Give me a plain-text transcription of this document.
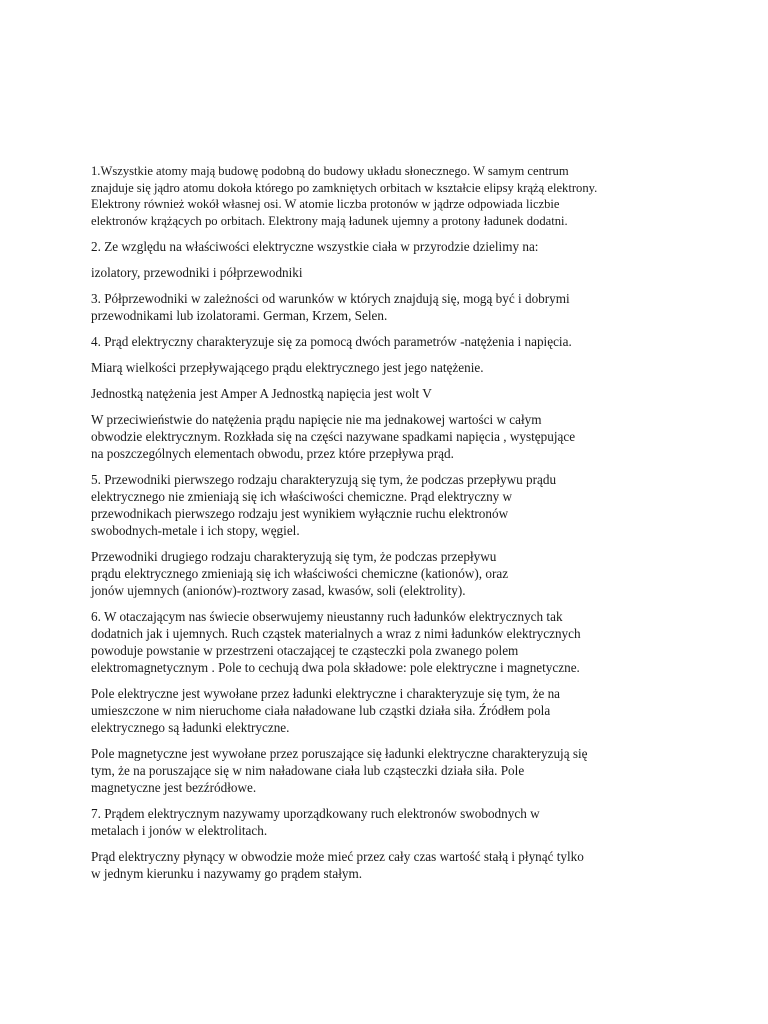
1.Wszystkie atomy mają budowę podobną do budowy układu słonecznego. W samym centrum
znajduje się jądro atomu dokoła którego po zamkniętych orbitach w kształcie elipsy krążą elektrony.
Elektrony również wokół własnej osi. W atomie liczba protonów w jądrze odpowiada liczbie
elektronów krążących po orbitach. Elektrony mają ładunek ujemny a protony ładunek dodatni.

2. Ze względu na właściwości elektryczne wszystkie ciała w przyrodzie dzielimy na:

izolatory, przewodniki i półprzewodniki

3. Półprzewodniki w zależności od warunków w których znajdują się, mogą być i dobrymi
przewodnikami lub izolatorami. German, Krzem, Selen.

4. Prąd elektryczny charakteryzuje się za pomocą dwóch parametrów -natężenia i napięcia.

Miarą wielkości przepływającego prądu elektrycznego jest jego natężenie.

Jednostką natężenia jest Amper A Jednostką napięcia jest wolt V

W przeciwieństwie do natężenia prądu napięcie nie ma jednakowej wartości w całym
obwodzie elektrycznym. Rozkłada się na części nazywane spadkami napięcia , występujące
na poszczególnych elementach obwodu, przez które przepływa prąd.

5. Przewodniki pierwszego rodzaju charakteryzują się tym, że podczas przepływu prądu
elektrycznego nie zmieniają się ich właściwości chemiczne. Prąd elektryczny w
przewodnikach pierwszego rodzaju jest wynikiem wyłącznie ruchu elektronów
swobodnych-metale i ich stopy, węgiel.

Przewodniki drugiego rodzaju charakteryzują się tym, że podczas przepływu
prądu elektrycznego zmieniają się ich właściwości chemiczne (kationów), oraz
jonów ujemnych (anionów)-roztwory zasad, kwasów, soli (elektrolity).

6. W otaczającym nas świecie obserwujemy nieustanny ruch ładunków elektrycznych tak
dodatnich jak i ujemnych. Ruch cząstek materialnych a wraz z nimi ładunków elektrycznych
powoduje powstanie w przestrzeni otaczającej te cząsteczki pola zwanego polem
elektromagnetycznym . Pole to cechują dwa pola składowe: pole elektryczne i magnetyczne.

Pole elektryczne jest wywołane przez ładunki elektryczne i charakteryzuje się tym, że na
umieszczone w nim nieruchome ciała naładowane lub cząstki działa siła. Źródłem pola
elektrycznego są ładunki elektryczne.

Pole magnetyczne jest wywołane przez poruszające się ładunki elektryczne charakteryzują się
tym, że na poruszające się w nim naładowane ciała lub cząsteczki działa siła. Pole
magnetyczne jest bezźródłowe.

7. Prądem elektrycznym nazywamy uporządkowany ruch elektronów swobodnych w
metalach i jonów w elektrolitach.

Prąd elektryczny płynący w obwodzie może mieć przez cały czas wartość stałą i płynąć tylko
w jednym kierunku i nazywamy go prądem stałym.
